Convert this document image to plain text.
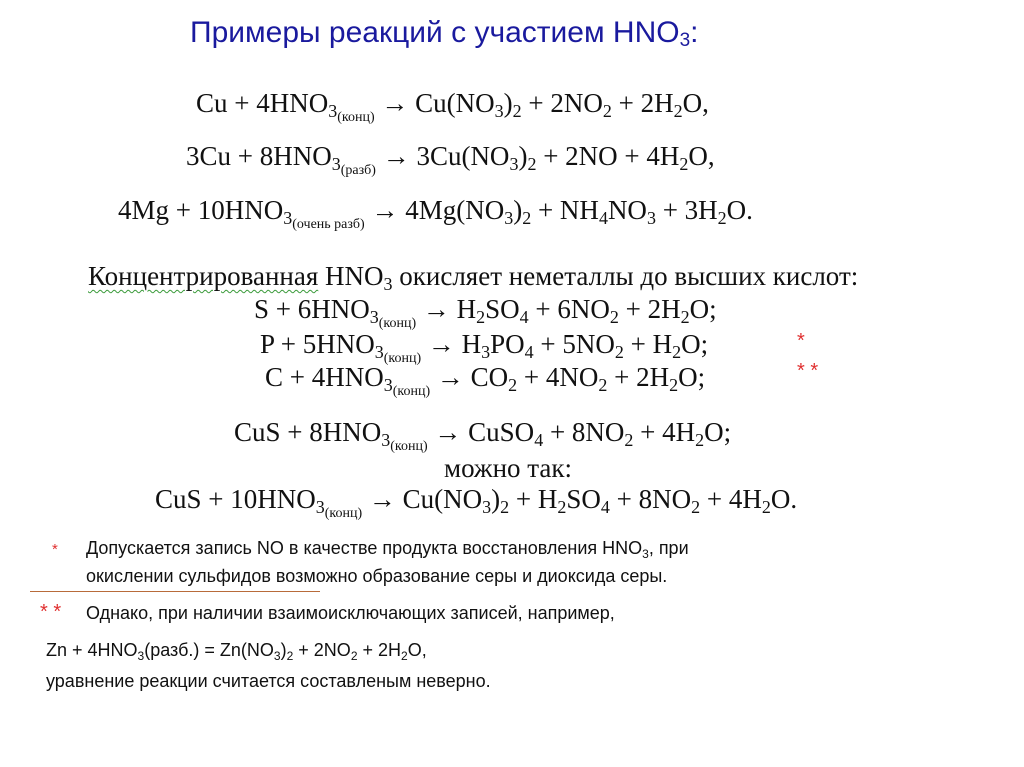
Примеры реакций с участием $HNO_3$:
$Cu + 4HNO_{3(конц)} \to Cu(NO_3)_2 + 2NO_2 + 2H_2O$,
$3Cu + 8HNO_{3(разб)} \to 3Cu(NO_3)_2 + 2NO + 4H_2O$,
$4Mg + 10HNO_{3(очень разб)} \to 4Mg(NO_3)_2 + NH_4NO_3 + 3H_2O$.
Концентрированная $HNO_3$ окисляет неметаллы до высших кислот:
$S + 6HNO_{3(конц)} \to H_2SO_4 + 6NO_2 + 2H_2O$;
$P + 5HNO_{3(конц)} \to H_3PO_4 + 5NO_2 + H_2O$;	*
$C + 4HNO_{3(конц)} \to CO_2 + 4NO_2 + 2H_2O$;	* *
CuS + $8HNO_{3(конц)}$ → CuSO$_4$ + $8NO_2 + 4H_2O$;
можно так:
CuS + $10HNO_{3(конц)} \to Cu(NO_3)_2 + H_2SO_4 + 8NO_2 + 4H_2O$.
* Допускается запись NO в качестве продукта восстановления $HNO_3$, при
окислении сульфидов возможно образование серы и диоксида серы.
* * Однако, при наличии взаимоисключающих записей, например,
$Zn + 4HNO_3(разб.) = Zn(NO_3)_2 + 2NO_2 + 2H_2O$,
уравнение реакции считается составленым неверно.
